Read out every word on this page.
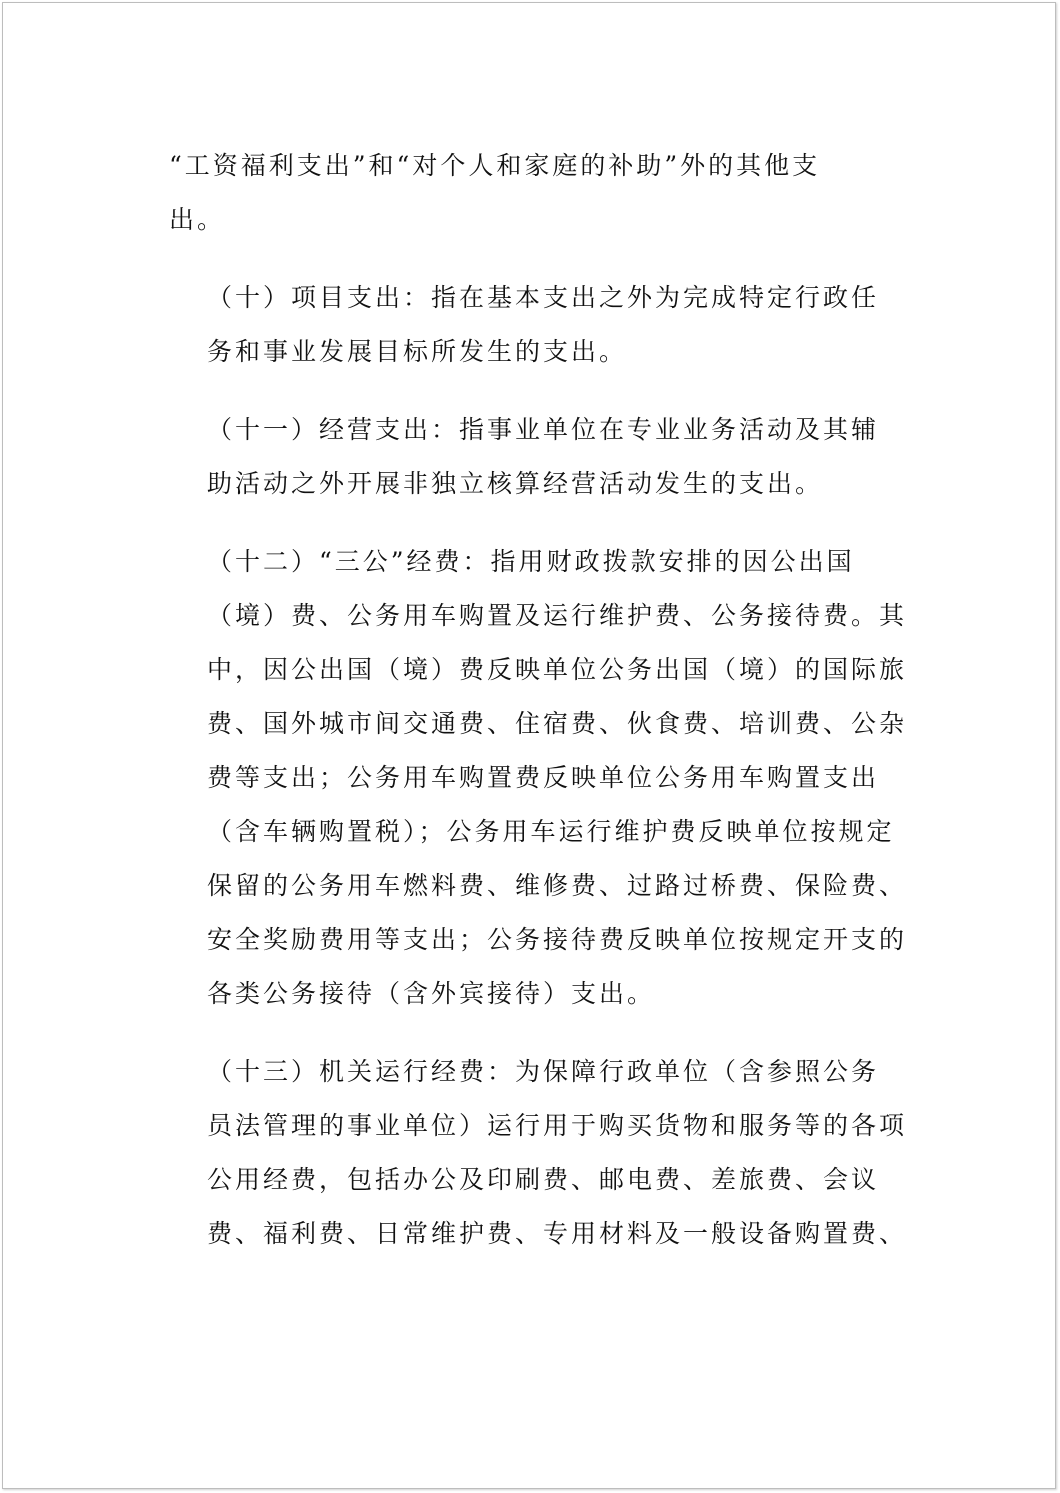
“工资福利支出”和“对个人和家庭的补助”外的其他支
出。

（十）项目支出：指在基本支出之外为完成特定行政任
务和事业发展目标所发生的支出。

（十一）经营支出：指事业单位在专业业务活动及其辅
助活动之外开展非独立核算经营活动发生的支出。

（十二）“三公”经费：指用财政拨款安排的因公出国
（境）费、公务用车购置及运行维护费、公务接待费。其
中，因公出国（境）费反映单位公务出国（境）的国际旅
费、国外城市间交通费、住宿费、伙食费、培训费、公杂
费等支出；公务用车购置费反映单位公务用车购置支出
（含车辆购置税）；公务用车运行维护费反映单位按规定
保留的公务用车燃料费、维修费、过路过桥费、保险费、
安全奖励费用等支出；公务接待费反映单位按规定开支的
各类公务接待（含外宾接待）支出。

（十三）机关运行经费：为保障行政单位（含参照公务
员法管理的事业单位）运行用于购买货物和服务等的各项
公用经费，包括办公及印刷费、邮电费、差旅费、会议
费、福利费、日常维护费、专用材料及一般设备购置费、
